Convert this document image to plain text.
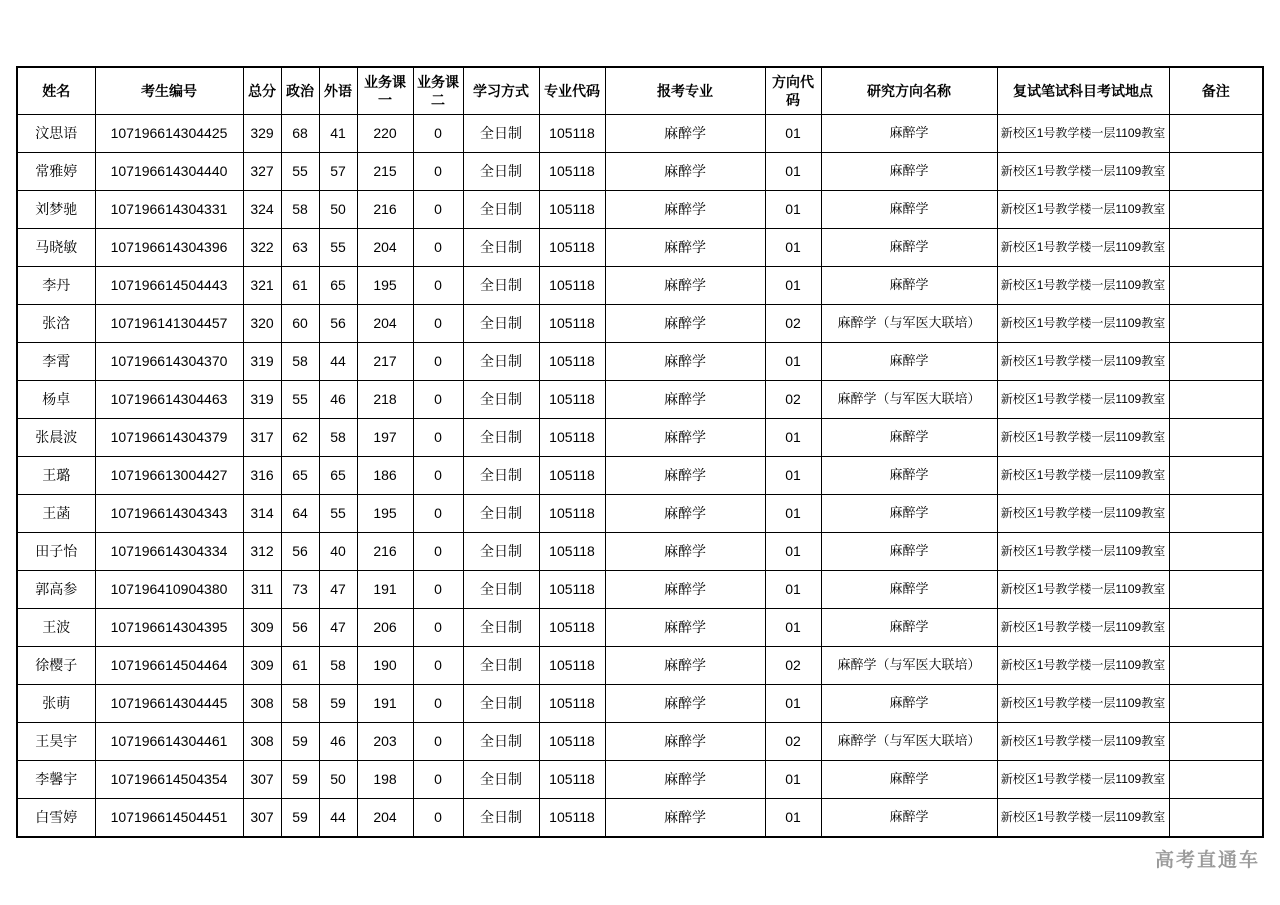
姓名	考生编号	总分	政治	外语	业务课一	业务课二	学习方式	专业代码	报考专业	方向代码	研究方向名称	复试笔试科目考试地点	备注
汶思语	107196614304425	329	68	41	220	0	全日制	105118	麻醉学	01	麻醉学	新校区1号教学楼一层1109教室	
常雅婷	107196614304440	327	55	57	215	0	全日制	105118	麻醉学	01	麻醉学	新校区1号教学楼一层1109教室	
刘梦驰	107196614304331	324	58	50	216	0	全日制	105118	麻醉学	01	麻醉学	新校区1号教学楼一层1109教室	
马晓敏	107196614304396	322	63	55	204	0	全日制	105118	麻醉学	01	麻醉学	新校区1号教学楼一层1109教室	
李丹	107196614504443	321	61	65	195	0	全日制	105118	麻醉学	01	麻醉学	新校区1号教学楼一层1109教室	
张浛	107196141304457	320	60	56	204	0	全日制	105118	麻醉学	02	麻醉学（与军医大联培）	新校区1号教学楼一层1109教室	
李霄	107196614304370	319	58	44	217	0	全日制	105118	麻醉学	01	麻醉学	新校区1号教学楼一层1109教室	
杨卓	107196614304463	319	55	46	218	0	全日制	105118	麻醉学	02	麻醉学（与军医大联培）	新校区1号教学楼一层1109教室	
张晨波	107196614304379	317	62	58	197	0	全日制	105118	麻醉学	01	麻醉学	新校区1号教学楼一层1109教室	
王璐	107196613004427	316	65	65	186	0	全日制	105118	麻醉学	01	麻醉学	新校区1号教学楼一层1109教室	
王菡	107196614304343	314	64	55	195	0	全日制	105118	麻醉学	01	麻醉学	新校区1号教学楼一层1109教室	
田子怡	107196614304334	312	56	40	216	0	全日制	105118	麻醉学	01	麻醉学	新校区1号教学楼一层1109教室	
郭高参	107196410904380	311	73	47	191	0	全日制	105118	麻醉学	01	麻醉学	新校区1号教学楼一层1109教室	
王波	107196614304395	309	56	47	206	0	全日制	105118	麻醉学	01	麻醉学	新校区1号教学楼一层1109教室	
徐樱子	107196614504464	309	61	58	190	0	全日制	105118	麻醉学	02	麻醉学（与军医大联培）	新校区1号教学楼一层1109教室	
张萌	107196614304445	308	58	59	191	0	全日制	105118	麻醉学	01	麻醉学	新校区1号教学楼一层1109教室	
王昊宇	107196614304461	308	59	46	203	0	全日制	105118	麻醉学	02	麻醉学（与军医大联培）	新校区1号教学楼一层1109教室	
李馨宇	107196614504354	307	59	50	198	0	全日制	105118	麻醉学	01	麻醉学	新校区1号教学楼一层1109教室	
白雪婷	107196614504451	307	59	44	204	0	全日制	105118	麻醉学	01	麻醉学	新校区1号教学楼一层1109教室	
高考直通车
